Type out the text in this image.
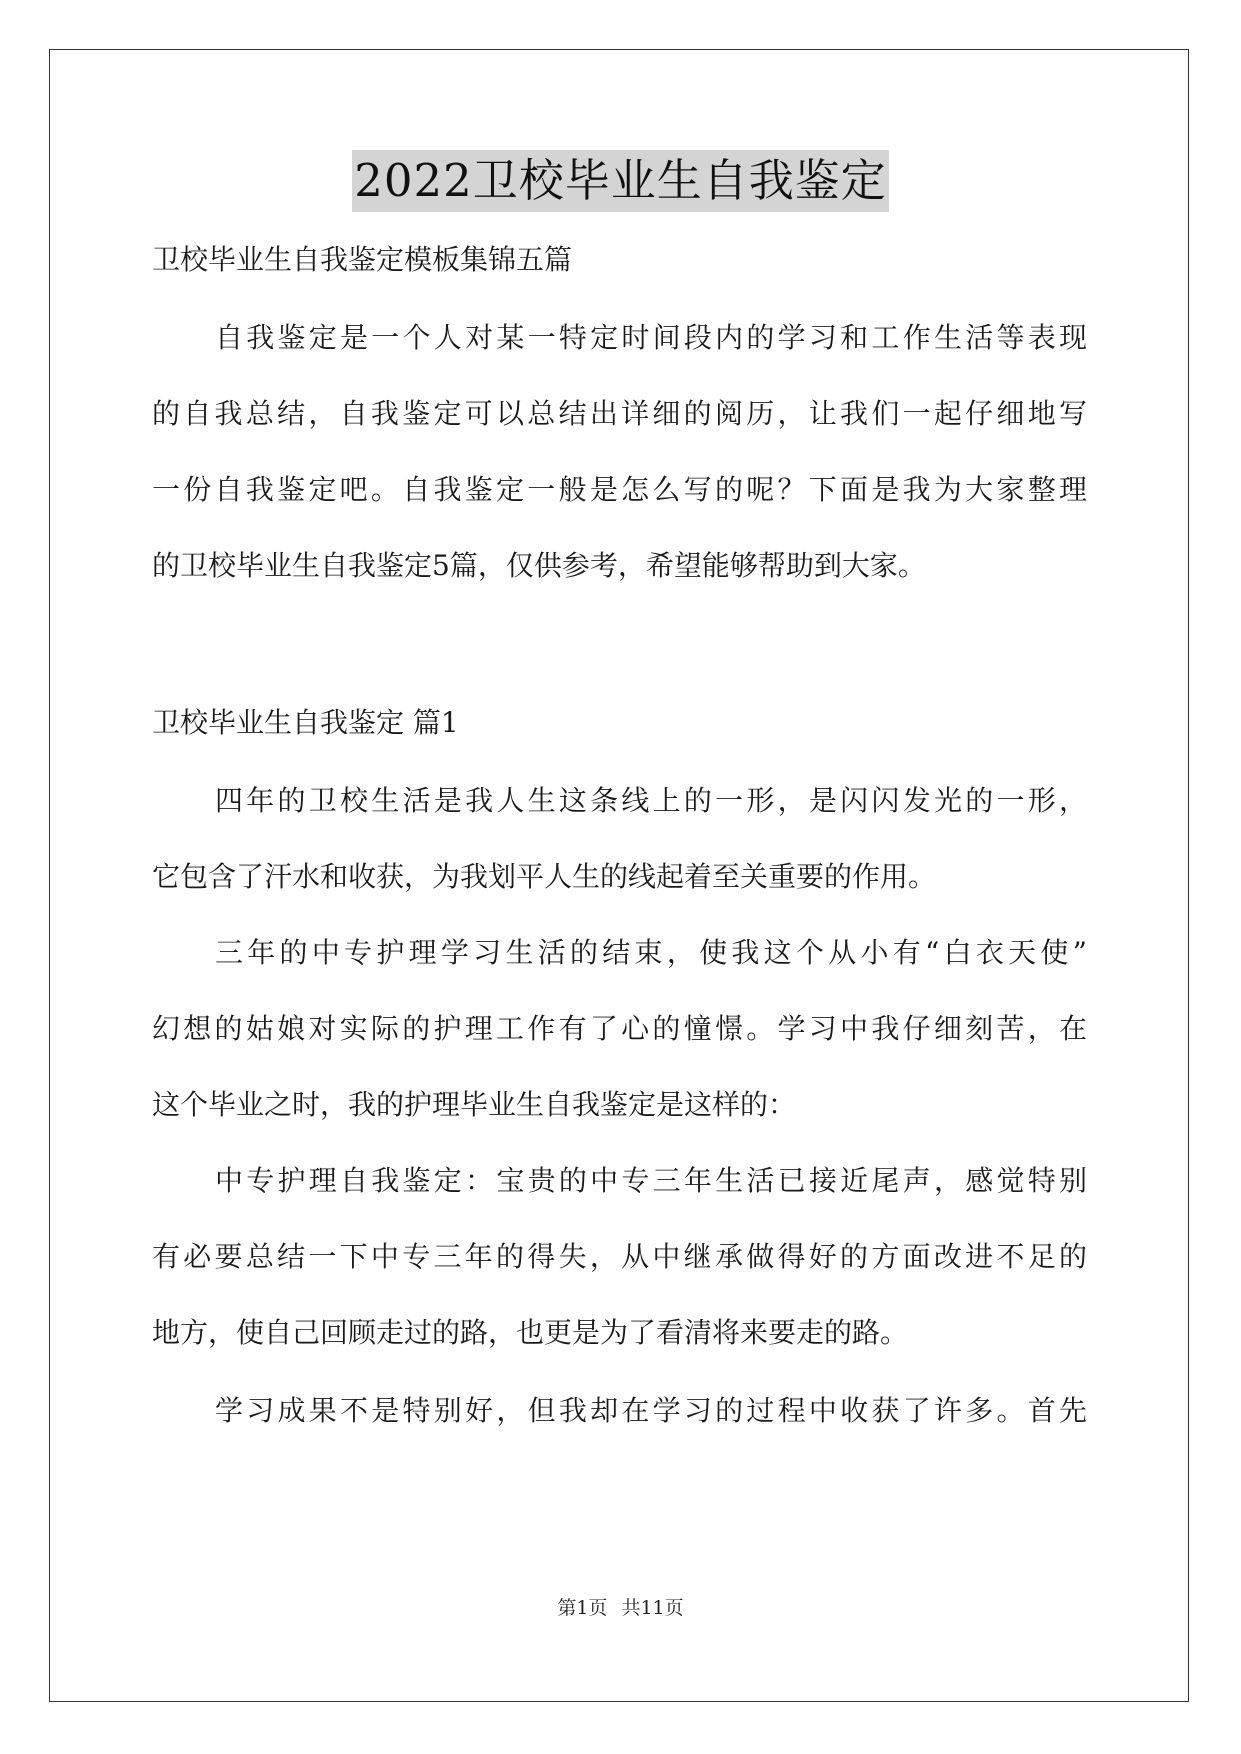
2022卫校毕业生自我鉴定
卫校毕业生自我鉴定模板集锦五篇
自我鉴定是一个人对某一特定时间段内的学习和工作生活等表现
的自我总结，自我鉴定可以总结出详细的阅历，让我们一起仔细地写
一份自我鉴定吧。自我鉴定一般是怎么写的呢？下面是我为大家整理
的卫校毕业生自我鉴定5篇，仅供参考，希望能够帮助到大家。
卫校毕业生自我鉴定 篇1
四年的卫校生活是我人生这条线上的一形，是闪闪发光的一形，
它包含了汗水和收获，为我划平人生的线起着至关重要的作用。
三年的中专护理学习生活的结束，使我这个从小有“白衣天使”
幻想的姑娘对实际的护理工作有了心的憧憬。学习中我仔细刻苦，在
这个毕业之时，我的护理毕业生自我鉴定是这样的：
中专护理自我鉴定：宝贵的中专三年生活已接近尾声，感觉特别
有必要总结一下中专三年的得失，从中继承做得好的方面改进不足的
地方，使自己回顾走过的路，也更是为了看清将来要走的路。
学习成果不是特别好，但我却在学习的过程中收获了许多。首先
第1页 共11页
